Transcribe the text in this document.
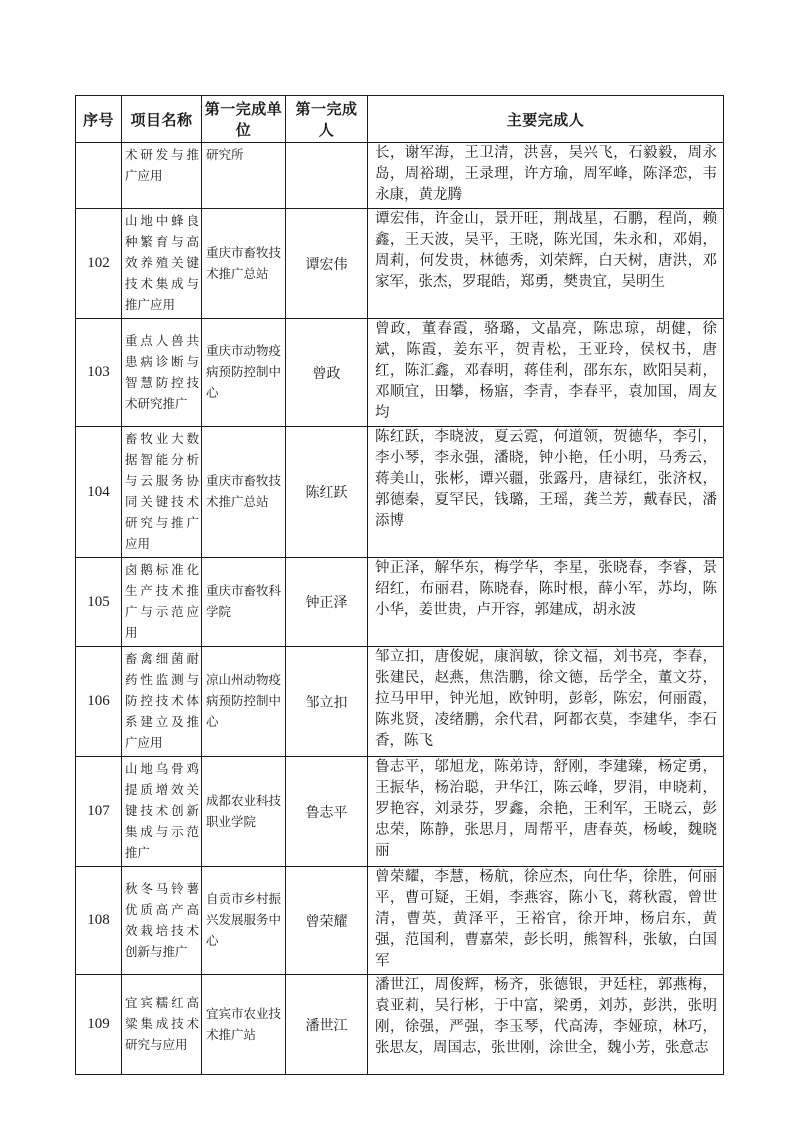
序号	项目名称	第一完成单位	第一完成人	主要完成人
	术研发与推广应用	研究所		长，谢军海，王卫清，洪喜，吴兴飞，石毅毅，周永岛，周裕瑚，王录理，许方瑜，周军峰，陈泽恋，韦永康，黄龙腾
102	山地中蜂良种繁育与高效养殖关键技术集成与推广应用	重庆市畜牧技术推广总站	谭宏伟	谭宏伟，许金山，景开旺，荆战星，石鹏，程尚，赖鑫，王天波，吴平，王晓，陈光国，朱永和，邓娟，周莉，何发贵，林德秀，刘荣辉，白天树，唐洪，邓家军，张杰，罗琨皓，郑勇，樊贵宜，吴明生
103	重点人兽共患病诊断与智慧防控技术研究推广	重庆市动物疫病预防控制中心	曾政	曾政，董春霞，骆璐，文晶亮，陈忠琼，胡健，徐斌，陈霞，姜东平，贺青松，王亚玲，侯权书，唐红，陈汇鑫，邓春明，蒋佳利，邵东东，欧阳吴莉，邓顺宜，田攀，杨寤，李青，李春平，袁加国，周友均
104	畜牧业大数据智能分析与云服务协同关键技术研究与推广应用	重庆市畜牧技术推广总站	陈红跃	陈红跃，李晓波，夏云霓，何道领，贺德华，李引，李小琴，李永强，潘晓，钟小艳，任小明，马秀云，蒋美山，张彬，谭兴疆，张露丹，唐禄红，张济权，郭德秦，夏罕民，钱璐，王瑶，龚兰芳，戴春民，潘添博
105	卤鹅标准化生产技术推广与示范应用	重庆市畜牧科学院	钟正泽	钟正泽，解华东，梅学华，李星，张晓春，李睿，景绍红，布丽君，陈晓春，陈时根，薛小军，苏均，陈小华，姜世贵，卢开容，郭建成，胡永波
106	畜禽细菌耐药性监测与防控技术体系建立及推广应用	凉山州动物疫病预防控制中心	邹立扣	邹立扣，唐俊妮，康润敏，徐文福，刘书亮，李春，张建民，赵燕，焦浩鹏，徐文德，岳学全，董文芬，拉马甲甲，钟光旭，欧钟明，彭彰，陈宏，何丽霞，陈兆贤，凌绪鹏，余代君，阿都衣莫，李建华，李石香，陈飞
107	山地乌骨鸡提质增效关键技术创新集成与示范推广	成都农业科技职业学院	鲁志平	鲁志平，邬旭龙，陈弟诗，舒刚，李建臻，杨定勇，王振华，杨治聪，尹华江，陈云峰，罗涓，申晓莉，罗艳容，刘录芬，罗鑫，余艳，王利军，王晓云，彭忠荣，陈静，张思月，周帮平，唐春英，杨峻，魏晓丽
108	秋冬马铃薯优质高产高效栽培技术创新与推广	自贡市乡村振兴发展服务中心	曾荣耀	曾荣耀，李慧，杨航，徐应杰，向仕华，徐胜，何丽平，曹可疑，王娟，李燕容，陈小飞，蒋秋霞，曾世清，曹英，黄泽平，王裕官，徐开坤，杨启东，黄强，范国利，曹嘉荣，彭长明，熊智科，张敏，白国军
109	宜宾糯红高粱集成技术研究与应用	宜宾市农业技术推广站	潘世江	潘世江，周俊辉，杨齐，张德银，尹廷柱，郭燕梅，袁亚莉，吴行彬，于中富，梁勇，刘苏，彭洪，张明刚，徐强，严强，李玉琴，代高涛，李娅琼，林巧，张思友，周国志，张世刚，涂世全，魏小芳，张意志
